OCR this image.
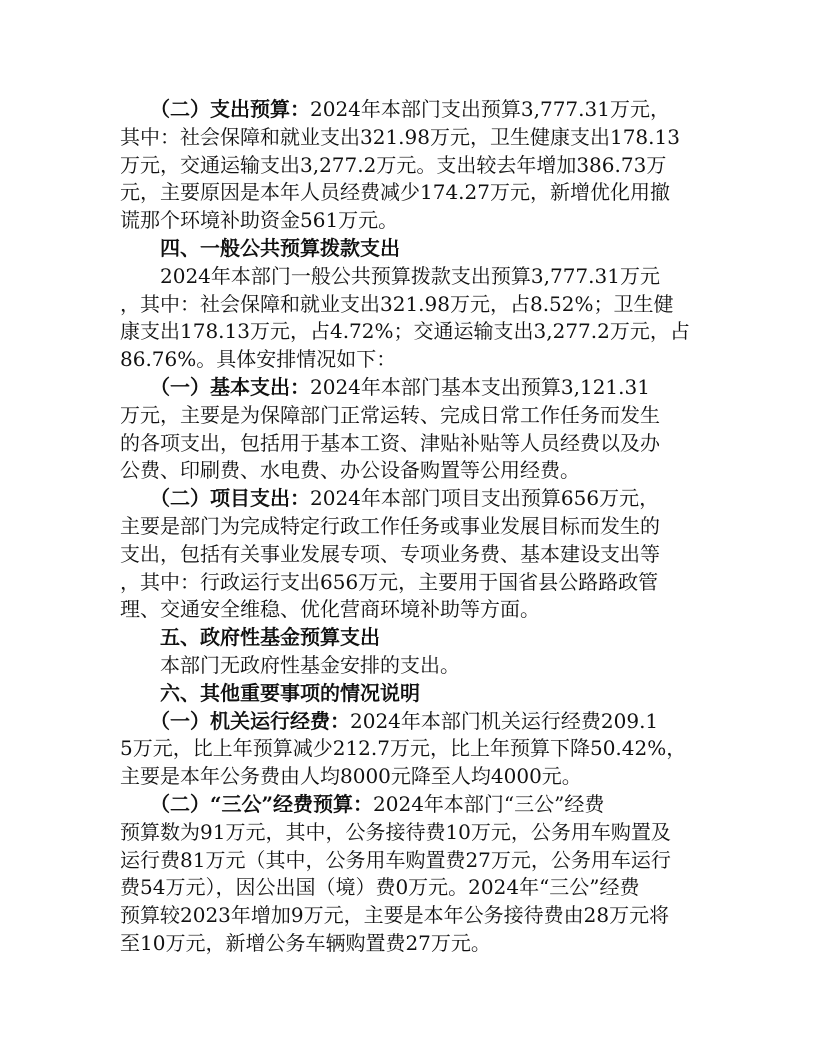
　　（二）支出预算：2024年本部门支出预算3,777.31万元，
其中：社会保障和就业支出321.98万元，卫生健康支出178.13
万元，交通运输支出3,277.2万元。支出较去年增加386.73万
元，主要原因是本年人员经费减少174.27万元，新增优化用撤
谎那个环境补助资金561万元。
　　四、一般公共预算拨款支出
　　2024年本部门一般公共预算拨款支出预算3,777.31万元
，其中：社会保障和就业支出321.98万元，占8.52%；卫生健
康支出178.13万元，占4.72%；交通运输支出3,277.2万元，占
86.76%。具体安排情况如下：
　　（一）基本支出：2024年本部门基本支出预算3,121.31
万元，主要是为保障部门正常运转、完成日常工作任务而发生
的各项支出，包括用于基本工资、津贴补贴等人员经费以及办
公费、印刷费、水电费、办公设备购置等公用经费。
　　（二）项目支出：2024年本部门项目支出预算656万元，
主要是部门为完成特定行政工作任务或事业发展目标而发生的
支出，包括有关事业发展专项、专项业务费、基本建设支出等
，其中：行政运行支出656万元，主要用于国省县公路路政管
理、交通安全维稳、优化营商环境补助等方面。
　　五、政府性基金预算支出
　　本部门无政府性基金安排的支出。
　　六、其他重要事项的情况说明
　　（一）机关运行经费：2024年本部门机关运行经费209.1
5万元，比上年预算减少212.7万元，比上年预算下降50.42%，
主要是本年公务费由人均8000元降至人均4000元。
　　（二）“三公”经费预算：2024年本部门“三公”经费
预算数为91万元，其中，公务接待费10万元，公务用车购置及
运行费81万元（其中，公务用车购置费27万元，公务用车运行
费54万元），因公出国（境）费0万元。2024年“三公”经费
预算较2023年增加9万元，主要是本年公务接待费由28万元将
至10万元，新增公务车辆购置费27万元。
